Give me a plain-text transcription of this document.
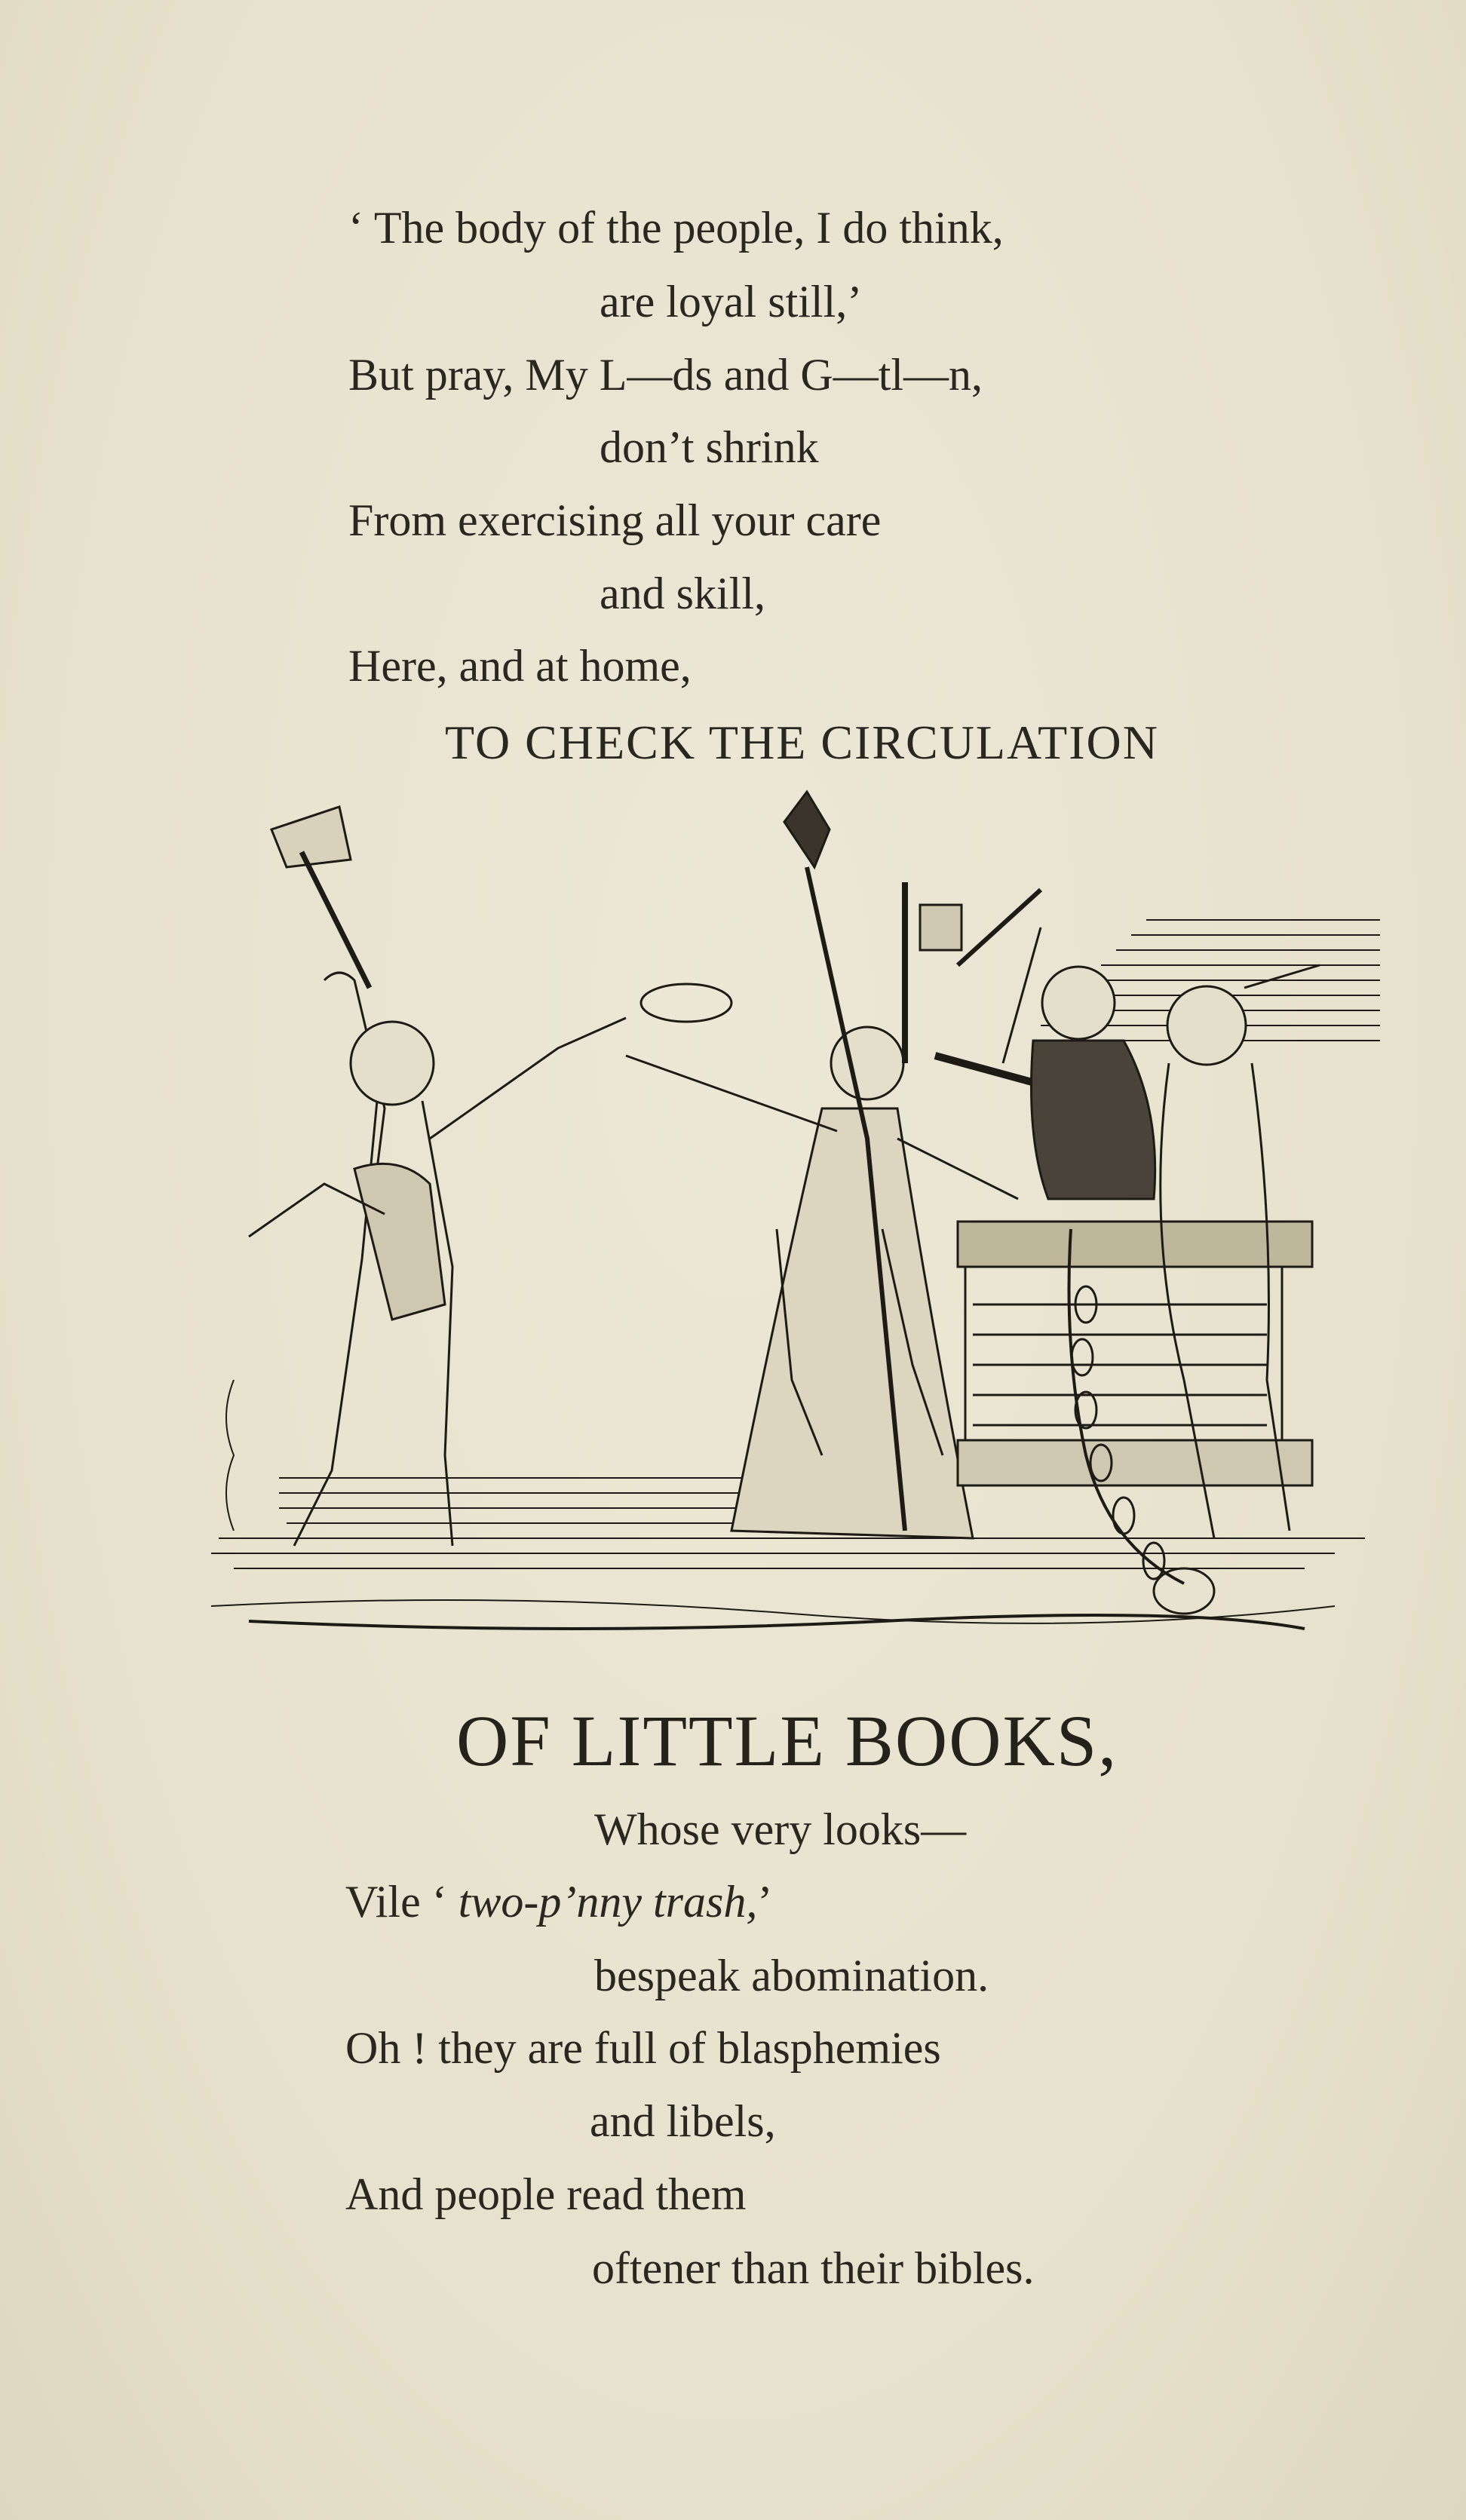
‘ The body of the people, I do think,
are loyal still,’
But pray, My L—ds and G—tl—n,
don’t shrink
From exercising all your care
and skill,
Here, and at home,
TO CHECK THE CIRCULATION
OF LITTLE BOOKS,
Whose very looks—
Vile ‘ two-p’nny trash,’
bespeak abomination.
Oh ! they are full of blasphemies
and libels,
And people read them
oftener than their bibles.
